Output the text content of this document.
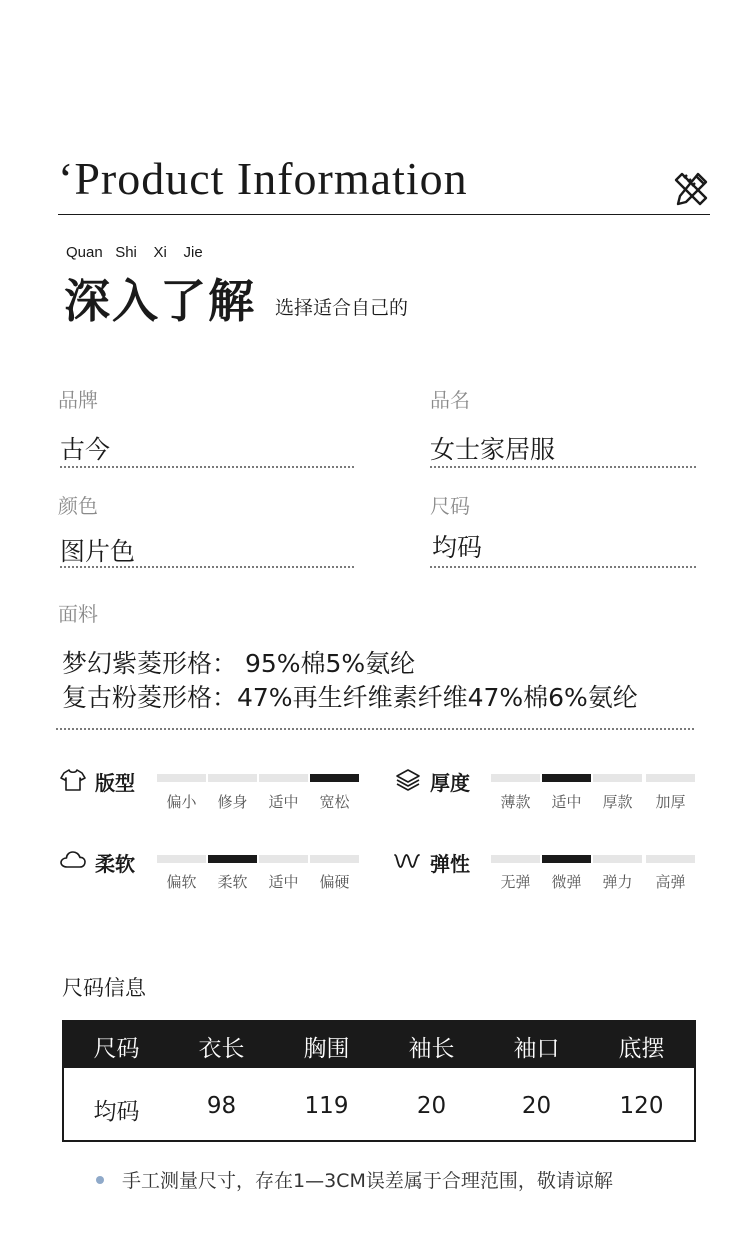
‘Product Information
Quan   Shi    Xi    Jie
深入了解 选择适合自己的
品牌
古今
品名
女士家居服
颜色
图片色
尺码
均码
面料
梦幻紫菱形格： 95%棉5%氨纶
复古粉菱形格：47%再生纤维素纤维47%棉6%氨纶
版型
偏小	修身	适中	宽松
厚度
薄款	适中	厚款	加厚
柔软
偏软	柔软	适中	偏硬
弹性
无弹	微弹	弹力	高弹
尺码信息
尺码	衣长	胸围	袖长	袖口	底摆
均码	98	119	20	20	120
手工测量尺寸，存在1—3CM误差属于合理范围，敬请谅解
